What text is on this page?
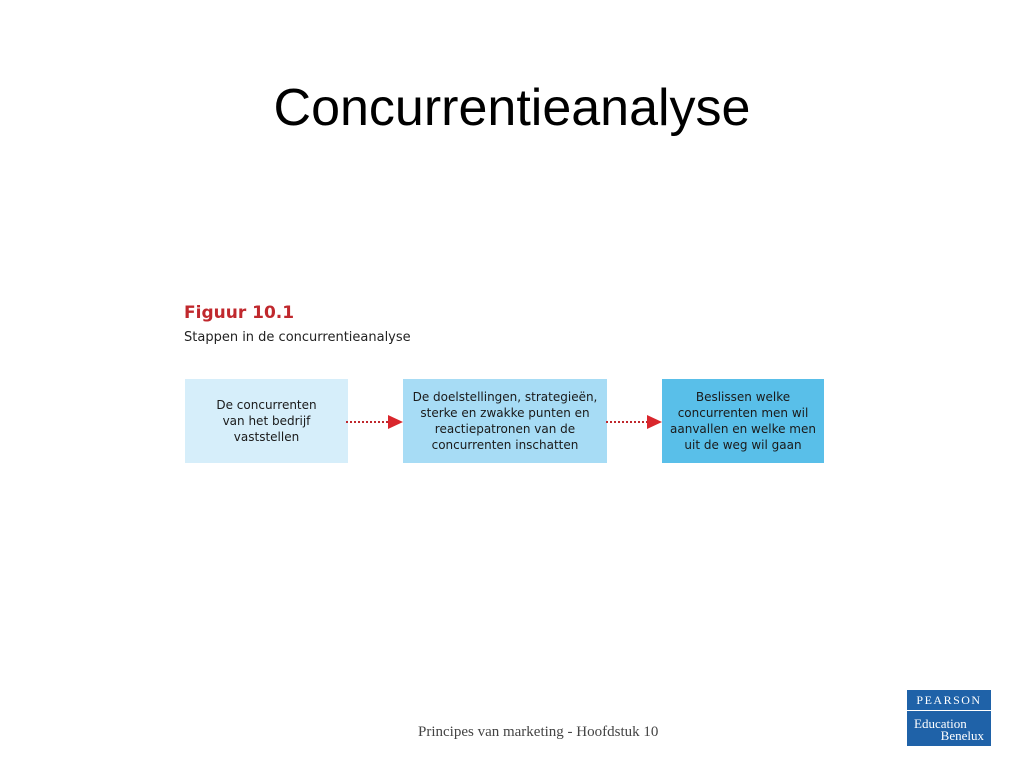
Concurrentieanalyse
Figuur 10.1
Stappen in de concurrentieanalyse
De concurrenten
van het bedrijf
vaststellen
De doelstellingen, strategieën,
sterke en zwakke punten en
reactiepatronen van de
concurrenten inschatten
Beslissen welke
concurrenten men wil
aanvallen en welke men
uit de weg wil gaan
Principes van marketing - Hoofdstuk 10
PEARSON
Education
Benelux
